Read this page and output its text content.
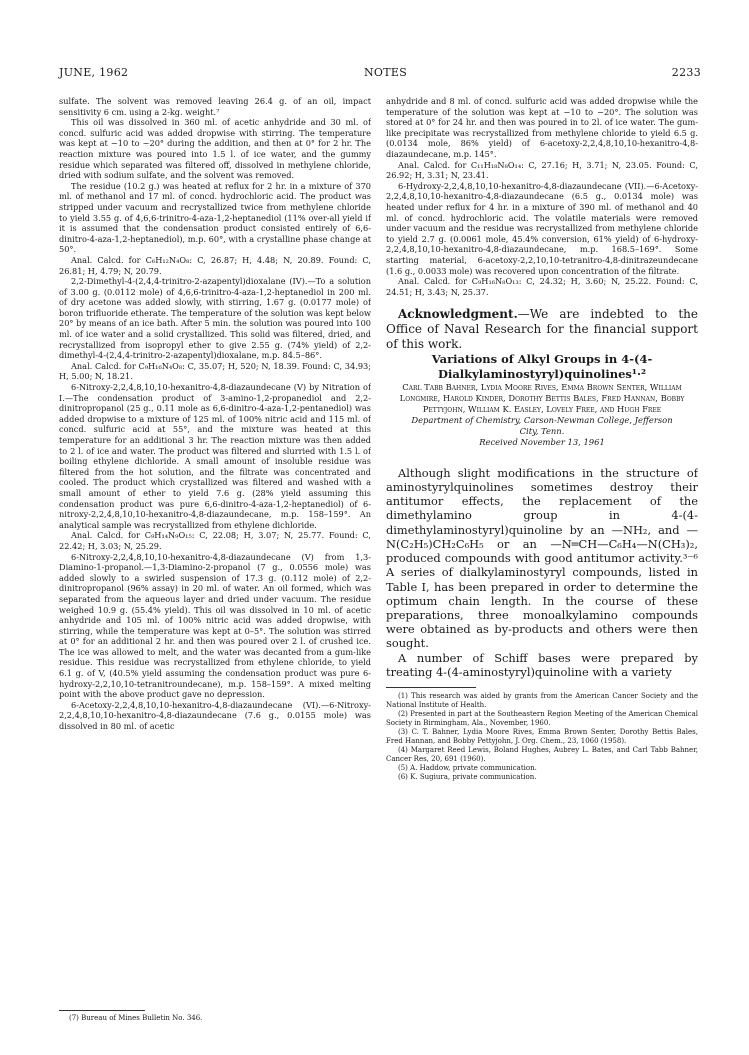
JUNE, 1962	NOTES	2233

sulfate. The solvent was removed leaving 26.4 g. of an oil, impact sensitivity 6 cm. using a 2-kg. weight.⁷

This oil was dissolved in 360 ml. of acetic anhydride and 30 ml. of concd. sulfuric acid was added dropwise with stirring. The temperature was kept at −10 to −20° during the addition, and then at 0° for 2 hr. The reaction mixture was poured into 1.5 l. of ice water, and the gummy residue which separated was filtered off, dissolved in methylene chloride, dried with sodium sulfate, and the solvent was removed.

The residue (10.2 g.) was heated at reflux for 2 hr. in a mixture of 370 ml. of methanol and 17 ml. of concd. hydrochloric acid. The product was stripped under vacuum and recrystallized twice from methylene chloride to yield 3.55 g. of 4,6,6-trinitro-4-aza-1,2-heptanediol (11% over-all yield if it is assumed that the condensation product consisted entirely of 6,6-dinitro-4-aza-1,2-heptanediol), m.p. 60°, with a crystalline phase change at 50°.

Anal. Calcd. for C₆H₁₂N₄O₈: C, 26.87; H, 4.48; N, 20.89. Found: C, 26.81; H, 4.79; N, 20.79.

2,2-Dimethyl-4-(2,4,4-trinitro-2-azapentyl)dioxalane (IV).—To a solution of 3.00 g. (0.0112 mole) of 4,6,6-trinitro-4-aza-1,2-heptanediol in 200 ml. of dry acetone was added slowly, with stirring, 1.67 g. (0.0177 mole) of boron trifluoride etherate. The temperature of the solution was kept below 20° by means of an ice bath. After 5 min. the solution was poured into 100 ml. of ice water and a solid crystallized. This solid was filtered, dried, and recrystallized from isopropyl ether to give 2.55 g. (74% yield) of 2,2-dimethyl-4-(2,4,4-trinitro-2-azapentyl)dioxalane, m.p. 84.5–86°.

Anal. Calcd. for C₉H₁₆N₄O₈: C, 35.07; H, 520; N, 18.39. Found: C, 34.93; H, 5.00; N, 18.21.

6-Nitroxy-2,2,4,8,10,10-hexanitro-4,8-diazaundecane (V) by Nitration of I.—The condensation product of 3-amino-1,2-propanediol and 2,2-dinitropropanol (25 g., 0.11 mole as 6,6-dinitro-4-aza-1,2-pentanediol) was added dropwise to a mixture of 125 ml. of 100% nitric acid and 115 ml. of concd. sulfuric acid at 55°, and the mixture was heated at this temperature for an additional 3 hr. The reaction mixture was then added to 2 l. of ice and water. The product was filtered and slurried with 1.5 l. of boiling ethylene dichloride. A small amount of insoluble residue was filtered from the hot solution, and the filtrate was concentrated and cooled. The product which crystallized was filtered and washed with a small amount of ether to yield 7.6 g. (28% yield assuming this condensation product was pure 6,6-dinitro-4-aza-1,2-heptanediol) of 6-nitroxy-2,2,4,8,10,10-hexanitro-4,8-diazaundecane, m.p. 158–159°. An analytical sample was recrystallized from ethylene dichloride.

Anal. Calcd. for C₉H₁₄N₉O₁₅: C, 22.08; H, 3.07; N, 25.77. Found: C, 22.42; H, 3.03; N, 25.29.

6-Nitroxy-2,2,4,8,10,10-hexanitro-4,8-diazaundecane (V) from 1,3-Diamino-1-propanol.—1,3-Diamino-2-propanol (7 g., 0.0556 mole) was added slowly to a swirled suspension of 17.3 g. (0.112 mole) of 2,2-dinitropropanol (96% assay) in 20 ml. of water. An oil formed, which was separated from the aqueous layer and dried under vacuum. The residue weighed 10.9 g. (55.4% yield). This oil was dissolved in 10 ml. of acetic anhydride and 105 ml. of 100% nitric acid was added dropwise, with stirring, while the temperature was kept at 0–5°. The solution was stirred at 0° for an additional 2 hr. and then was poured over 2 l. of crushed ice. The ice was allowed to melt, and the water was decanted from a gum-like residue. This residue was recrystallized from ethylene chloride, to yield 6.1 g. of V, (40.5% yield assuming the condensation product was pure 6-hydroxy-2,2,10,10-tetranitroundecane), m.p. 158–159°. A mixed melting point with the above product gave no depression.

6-Acetoxy-2,2,4,8,10,10-hexanitro-4,8-diazaundecane (VI).—6-Nitroxy-2,2,4,8,10,10-hexanitro-4,8-diazaundecane (7.6 g., 0.0155 mole) was dissolved in 80 ml. of acetic

(7) Bureau of Mines Bulletin No. 346.

anhydride and 8 ml. of concd. sulfuric acid was added dropwise while the temperature of the solution was kept at −10 to −20°. The solution was stored at 0° for 24 hr. and then was poured in to 2l. of ice water. The gum-like precipitate was recrystallized from methylene chloride to yield 6.5 g. (0.0134 mole, 86% yield) of 6-acetoxy-2,2,4,8,10,10-hexanitro-4,8-diazaundecane, m.p. 145°.

Anal. Calcd. for C₁₁H₁₈N₈O₁₄: C, 27.16; H, 3.71; N, 23.05. Found: C, 26.92; H, 3.31; N, 23.41.

6-Hydroxy-2,2,4,8,10,10-hexanitro-4,8-diazaundecane (VII).—6-Acetoxy-2,2,4,8,10,10-hexanitro-4,8-diazaundecane (6.5 g., 0.0134 mole) was heated under reflux for 4 hr. in a mixture of 390 ml. of methanol and 40 ml. of concd. hydrochloric acid. The volatile materials were removed under vacuum and the residue was recrystallized from methylene chloride to yield 2.7 g. (0.0061 mole, 45.4% conversion, 61% yield) of 6-hydroxy-2,2,4,8,10,10-hexanitro-4,8-diazaundecane, m.p. 168.5–169°. Some starting material, 6-acetoxy-2,2,10,10-tetranitro-4,8-dinitrazeundecane (1.6 g., 0.0033 mole) was recovered upon concentration of the filtrate.

Anal. Calcd. for C₉H₁₆N₈O₁₃: C, 24.32; H, 3.60; N, 25.22. Found: C, 24.51; H, 3.43; N, 25.37.

Acknowledgment.—We are indebted to the Office of Naval Research for the financial support of this work.

Variations of Alkyl Groups in 4-(4-Dialkylaminostyryl)quinolines¹·²

Carl Tabb Bahner, Lydia Moore Rives, Emma Brown Senter, William Longmire, Harold Kinder, Dorothy Bettis Bales, Fred Hannan, Bobby Pettyjohn, William K. Easley, Lovely Free, and Hugh Free

Department of Chemistry, Carson-Newman College, Jefferson City, Tenn.

Received November 13, 1961

Although slight modifications in the structure of aminostyrylquinolines sometimes destroy their antitumor effects, the replacement of the dimethylamino group in 4-(4-dimethylaminostyryl)quinoline by an —NH₂, and —N(C₂H₅)CH₂C₆H₅ or an —N═CH—C₆H₄—N(CH₃)₂, produced compounds with good antitumor activity.³⁻⁶ A series of dialkylaminostyryl compounds, listed in Table I, has been prepared in order to determine the optimum chain length. In the course of these preparations, three monoalkylamino compounds were obtained as by-products and others were then sought.

A number of Schiff bases were prepared by treating 4-(4-aminostyryl)quinoline with a variety

(1) This research was aided by grants from the American Cancer Society and the National Institute of Health.

(2) Presented in part at the Southeastern Region Meeting of the American Chemical Society in Birmingham, Ala., November, 1960.

(3) C. T. Bahner, Lydia Moore Rives, Emma Brown Senter, Dorothy Bettis Bales, Fred Hannan, and Bobby Pettyjohn, J. Org. Chem., 23, 1060 (1958).

(4) Margaret Reed Lewis, Boland Hughes, Aubrey L. Bates, and Carl Tabb Bahner, Cancer Res, 20, 691 (1960).

(5) A. Haddow, private communication.

(6) K. Sugiura, private communication.
